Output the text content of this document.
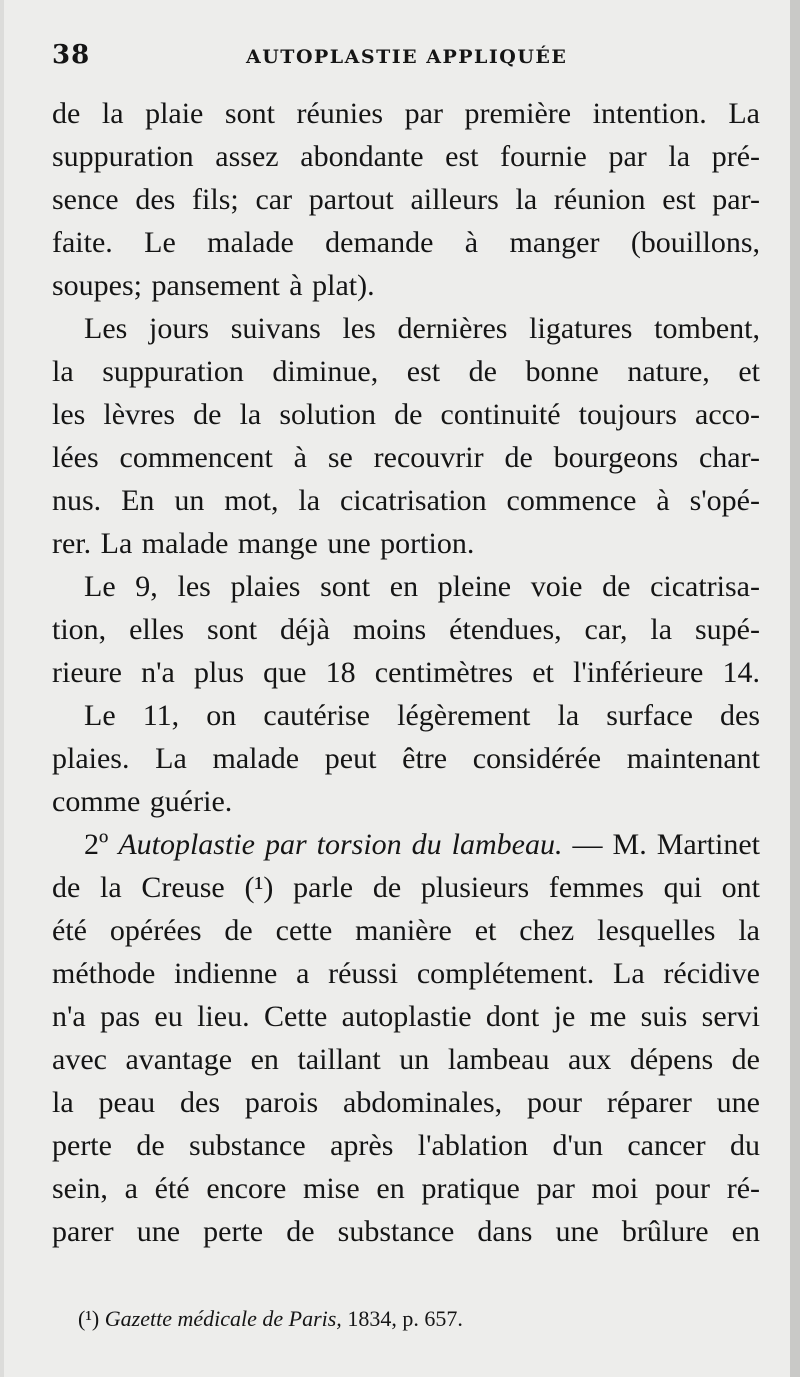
38	AUTOPLASTIE APPLIQUÉE
de la plaie sont réunies par première intention. La
suppuration assez abondante est fournie par la pré-
sence des fils; car partout ailleurs la réunion est par-
faite. Le malade demande à manger (bouillons,
soupes; pansement à plat).
Les jours suivans les dernières ligatures tombent,
la suppuration diminue, est de bonne nature, et
les lèvres de la solution de continuité toujours acco-
lées commencent à se recouvrir de bourgeons char-
nus. En un mot, la cicatrisation commence à s'opé-
rer. La malade mange une portion.
Le 9, les plaies sont en pleine voie de cicatrisa-
tion, elles sont déjà moins étendues, car, la supé-
rieure n'a plus que 18 centimètres et l'inférieure 14.
Le 11, on cautérise légèrement la surface des
plaies. La malade peut être considérée maintenant
comme guérie.
2º Autoplastie par torsion du lambeau. — M. Martinet
de la Creuse (¹) parle de plusieurs femmes qui ont
été opérées de cette manière et chez lesquelles la
méthode indienne a réussi complétement. La récidive
n'a pas eu lieu. Cette autoplastie dont je me suis servi
avec avantage en taillant un lambeau aux dépens de
la peau des parois abdominales, pour réparer une
perte de substance après l'ablation d'un cancer du
sein, a été encore mise en pratique par moi pour ré-
parer une perte de substance dans une brûlure en
(¹) Gazette médicale de Paris, 1834, p. 657.
